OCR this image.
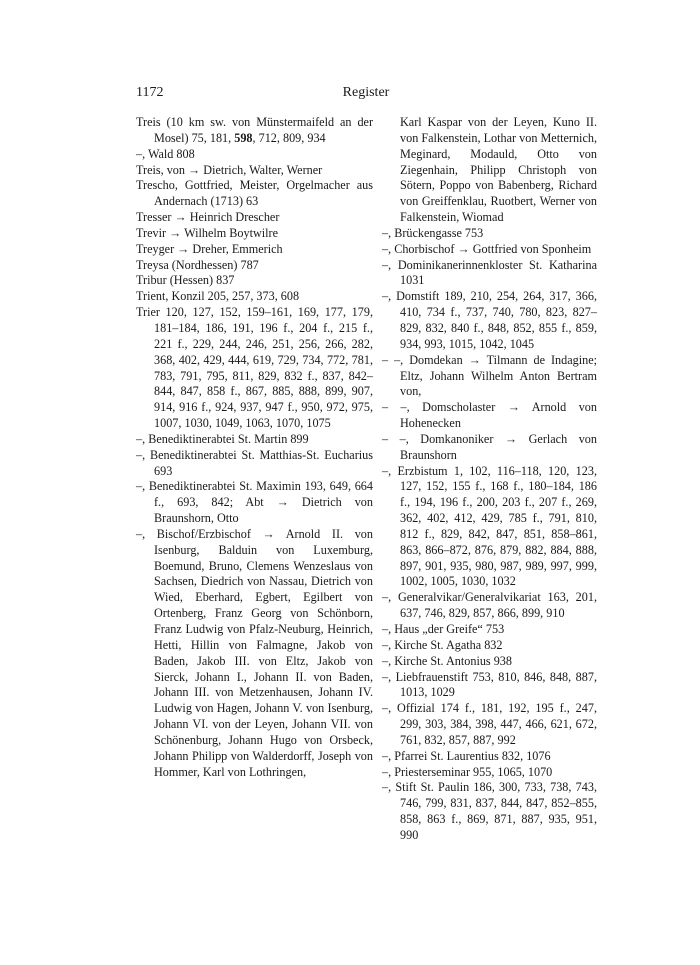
1172	Register

Treis (10 km sw. von Münstermaifeld an der Mosel) 75, 181, 598, 712, 809, 934

–, Wald 808

Treis, von → Dietrich, Walter, Werner

Trescho, Gottfried, Meister, Orgelmacher aus Andernach (1713) 63

Tresser → Heinrich Drescher

Trevir → Wilhelm Boytwilre

Treyger → Dreher, Emmerich

Treysa (Nordhessen) 787

Tribur (Hessen) 837

Trient, Konzil 205, 257, 373, 608

Trier 120, 127, 152, 159–161, 169, 177, 179, 181–184, 186, 191, 196 f., 204 f., 215 f., 221 f., 229, 244, 246, 251, 256, 266, 282, 368, 402, 429, 444, 619, 729, 734, 772, 781, 783, 791, 795, 811, 829, 832 f., 837, 842–844, 847, 858 f., 867, 885, 888, 899, 907, 914, 916 f., 924, 937, 947 f., 950, 972, 975, 1007, 1030, 1049, 1063, 1070, 1075

–, Benediktinerabtei St. Martin 899

–, Benediktinerabtei St. Matthias-St. Eucharius 693

–, Benediktinerabtei St. Maximin 193, 649, 664 f., 693, 842; Abt → Dietrich von Braunshorn, Otto

–, Bischof/Erzbischof → Arnold II. von Isenburg, Balduin von Luxemburg, Boemund, Bruno, Clemens Wenzeslaus von Sachsen, Diedrich von Nassau, Dietrich von Wied, Eberhard, Egbert, Egilbert von Ortenberg, Franz Georg von Schönborn, Franz Ludwig von Pfalz-Neuburg, Heinrich, Hetti, Hillin von Falmagne, Jakob von Baden, Jakob III. von Eltz, Jakob von Sierck, Johann I., Johann II. von Baden, Johann III. von Metzenhausen, Johann IV. Ludwig von Hagen, Johann V. von Isenburg, Johann VI. von der Leyen, Johann VII. von Schönenburg, Johann Hugo von Orsbeck, Johann Philipp von Walderdorff, Joseph von Hommer, Karl von Lothringen,

Karl Kaspar von der Leyen, Kuno II. von Falkenstein, Lothar von Metternich, Meginard, Modauld, Otto von Ziegenhain, Philipp Christoph von Sötern, Poppo von Babenberg, Richard von Greiffenklau, Ruotbert, Werner von Falkenstein, Wiomad

–, Brückengasse 753

–, Chorbischof → Gottfried von Sponheim

–, Dominikanerinnenkloster St. Katharina 1031

–, Domstift 189, 210, 254, 264, 317, 366, 410, 734 f., 737, 740, 780, 823, 827–829, 832, 840 f., 848, 852, 855 f., 859, 934, 993, 1015, 1042, 1045

– –, Domdekan → Tilmann de Indagine; Eltz, Johann Wilhelm Anton Bertram von,

– –, Domscholaster → Arnold von Hohenecken

– –, Domkanoniker → Gerlach von Braunshorn

–, Erzbistum 1, 102, 116–118, 120, 123, 127, 152, 155 f., 168 f., 180–184, 186 f., 194, 196 f., 200, 203 f., 207 f., 269, 362, 402, 412, 429, 785 f., 791, 810, 812 f., 829, 842, 847, 851, 858–861, 863, 866–872, 876, 879, 882, 884, 888, 897, 901, 935, 980, 987, 989, 997, 999, 1002, 1005, 1030, 1032

–, Generalvikar/Generalvikariat 163, 201, 637, 746, 829, 857, 866, 899, 910

–, Haus „der Greife“ 753

–, Kirche St. Agatha 832

–, Kirche St. Antonius 938

–, Liebfrauenstift 753, 810, 846, 848, 887, 1013, 1029

–, Offizial 174 f., 181, 192, 195 f., 247, 299, 303, 384, 398, 447, 466, 621, 672, 761, 832, 857, 887, 992

–, Pfarrei St. Laurentius 832, 1076

–, Priesterseminar 955, 1065, 1070

–, Stift St. Paulin 186, 300, 733, 738, 743, 746, 799, 831, 837, 844, 847, 852–855, 858, 863 f., 869, 871, 887, 935, 951, 990
